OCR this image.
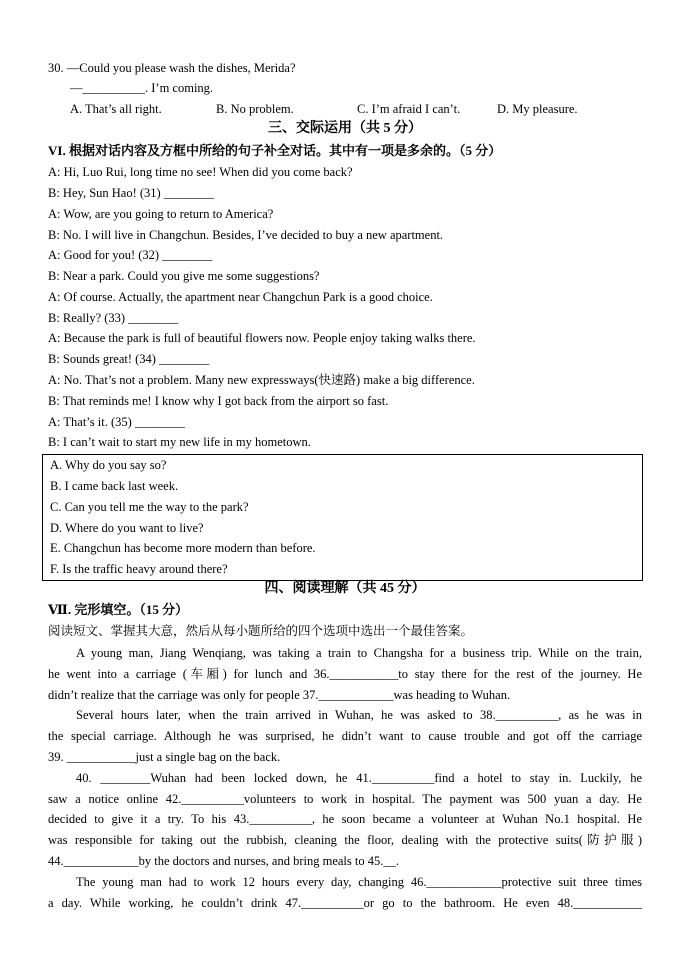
30. —Could you please wash the dishes, Merida?
—__________. I’m coming.
A. That’s all right.	B. No problem.	C. I’m afraid I can’t.	D. My pleasure.
三、交际运用（共 5 分）
VI. 根据对话内容及方框中所给的句子补全对话。其中有一项是多余的。（5 分）
A: Hi, Luo Rui, long time no see! When did you come back?
B: Hey, Sun Hao! (31) ________
A: Wow, are you going to return to America?
B: No. I will live in Changchun. Besides, I’ve decided to buy a new apartment.
A: Good for you! (32) ________
B: Near a park. Could you give me some suggestions?
A: Of course. Actually, the apartment near Changchun Park is a good choice.
B: Really? (33) ________
A: Because the park is full of beautiful flowers now. People enjoy taking walks there.
B: Sounds great! (34) ________
A: No. That’s not a problem. Many new expressways(快速路) make a big difference.
B: That reminds me! I know why I got back from the airport so fast.
A: That’s it. (35) ________
B: I can’t wait to start my new life in my hometown.
A. Why do you say so?
B. I came back last week.
C. Can you tell me the way to the park?
D. Where do you want to live?
E. Changchun has become more modern than before.
F. Is the traffic heavy around there?
四、阅读理解（共 45 分）
Ⅶ. 完形填空。（15 分）
阅读短文、掌握其大意，然后从每小题所给的四个选项中选出一个最佳答案。
A young man, Jiang Wenqiang, was taking a train to Changsha for a business trip. While on the train,
he went into a carriage (车厢) for lunch and 36.___________to stay there for the rest of the journey. He
didn’t realize that the carriage was only for people 37.____________was heading to Wuhan.
Several hours later, when the train arrived in Wuhan, he was asked to 38.__________, as he was in
the special carriage. Although he was surprised, he didn’t want to cause trouble and got off the carriage
39. ___________just a single bag on the back.
40. ________Wuhan had been locked down, he 41.__________find a hotel to stay in. Luckily, he
saw a notice online 42.__________volunteers to work in hospital. The payment was 500 yuan a day. He
decided to give it a try. To his 43.__________, he soon became a volunteer at Wuhan No.1 hospital. He
was responsible for taking out the rubbish, cleaning the floor, dealing with the protective suits(防护服)
44.____________by the doctors and nurses, and bring meals to 45.__.
The young man had to work 12 hours every day, changing 46.____________protective suit three times
a day. While working, he couldn’t drink 47.__________or go to the bathroom. He even 48.___________
